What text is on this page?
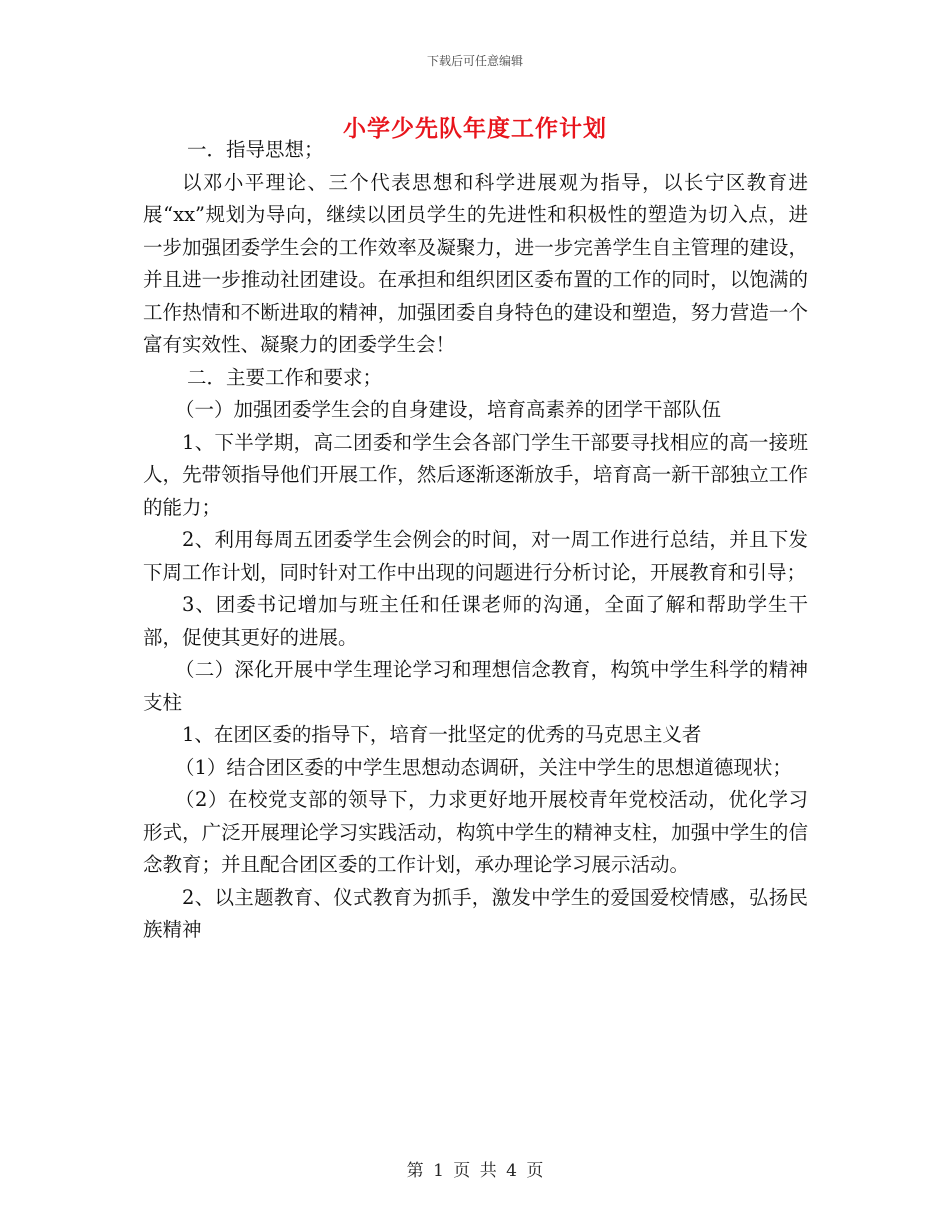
下载后可任意编辑
小学少先队年度工作计划

一．指导思想；

以邓小平理论、三个代表思想和科学进展观为指导，以长宁区教育进展“xx”规划为导向，继续以团员学生的先进性和积极性的塑造为切入点，进一步加强团委学生会的工作效率及凝聚力，进一步完善学生自主管理的建设，并且进一步推动社团建设。在承担和组织团区委布置的工作的同时，以饱满的工作热情和不断进取的精神，加强团委自身特色的建设和塑造，努力营造一个富有实效性、凝聚力的团委学生会！

二．主要工作和要求；

（一）加强团委学生会的自身建设，培育高素养的团学干部队伍

1、下半学期，高二团委和学生会各部门学生干部要寻找相应的高一接班人，先带领指导他们开展工作，然后逐渐逐渐放手，培育高一新干部独立工作的能力；

2、利用每周五团委学生会例会的时间，对一周工作进行总结，并且下发下周工作计划，同时针对工作中出现的问题进行分析讨论，开展教育和引导；

3、团委书记增加与班主任和任课老师的沟通，全面了解和帮助学生干部，促使其更好的进展。

（二）深化开展中学生理论学习和理想信念教育，构筑中学生科学的精神支柱

1、在团区委的指导下，培育一批坚定的优秀的马克思主义者

（1）结合团区委的中学生思想动态调研，关注中学生的思想道德现状；

（2）在校党支部的领导下，力求更好地开展校青年党校活动，优化学习形式，广泛开展理论学习实践活动，构筑中学生的精神支柱，加强中学生的信念教育；并且配合团区委的工作计划，承办理论学习展示活动。

2、以主题教育、仪式教育为抓手，激发中学生的爱国爱校情感，弘扬民族精神

第 1 页 共 4 页
